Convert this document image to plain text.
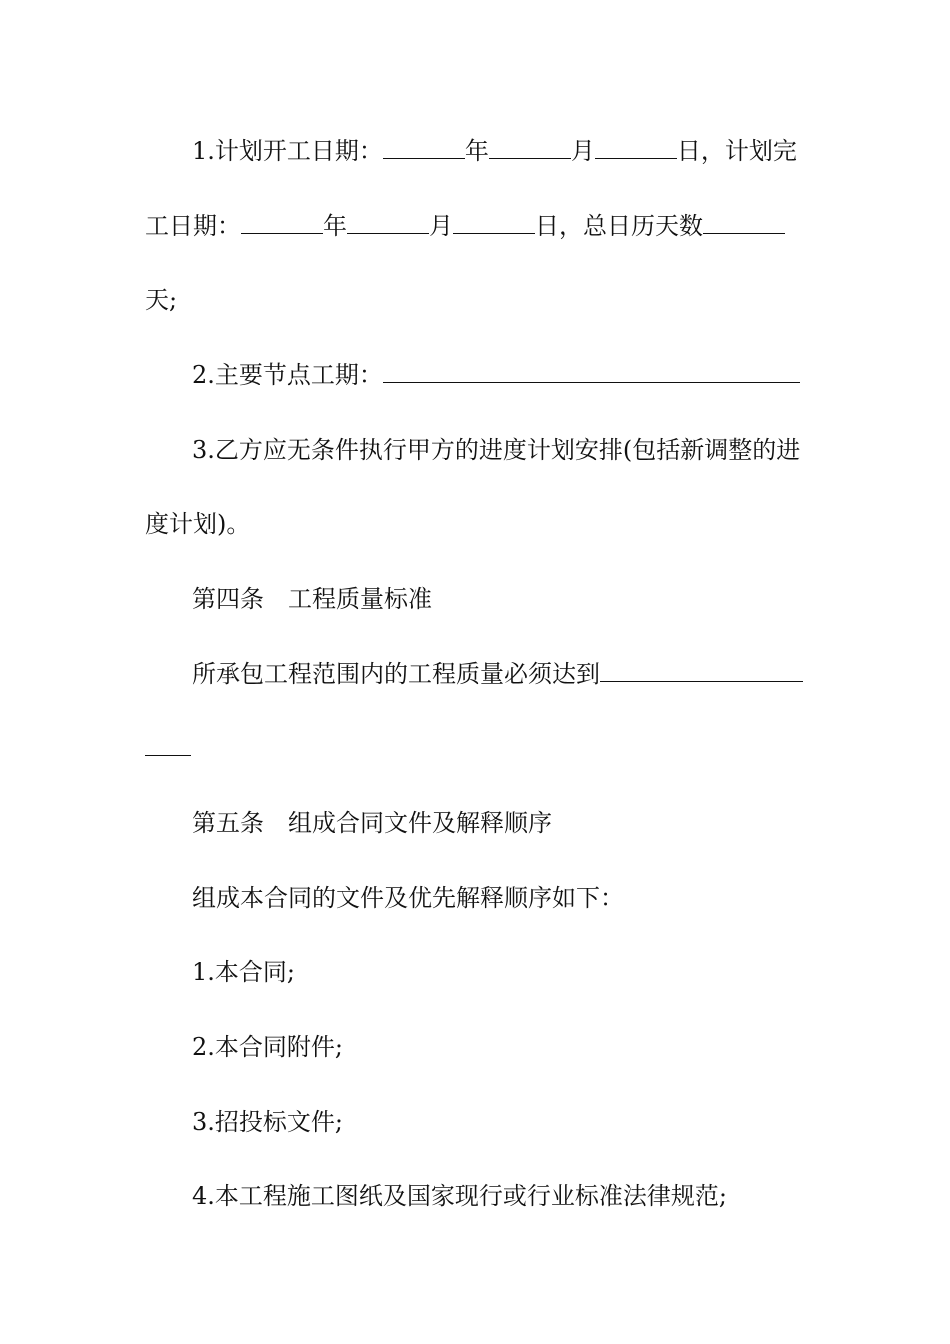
1.计划开工日期：	年	月	日，计划完
工日期：	年	月	日，总日历天数
天;
2.主要节点工期：
3.乙方应无条件执行甲方的进度计划安排(包括新调整的进
度计划)。
第四条 工程质量标准
所承包工程范围内的工程质量必须达到
第五条 组成合同文件及解释顺序
组成本合同的文件及优先解释顺序如下：
1.本合同;
2.本合同附件;
3.招投标文件;
4.本工程施工图纸及国家现行或行业标准法律规范;
